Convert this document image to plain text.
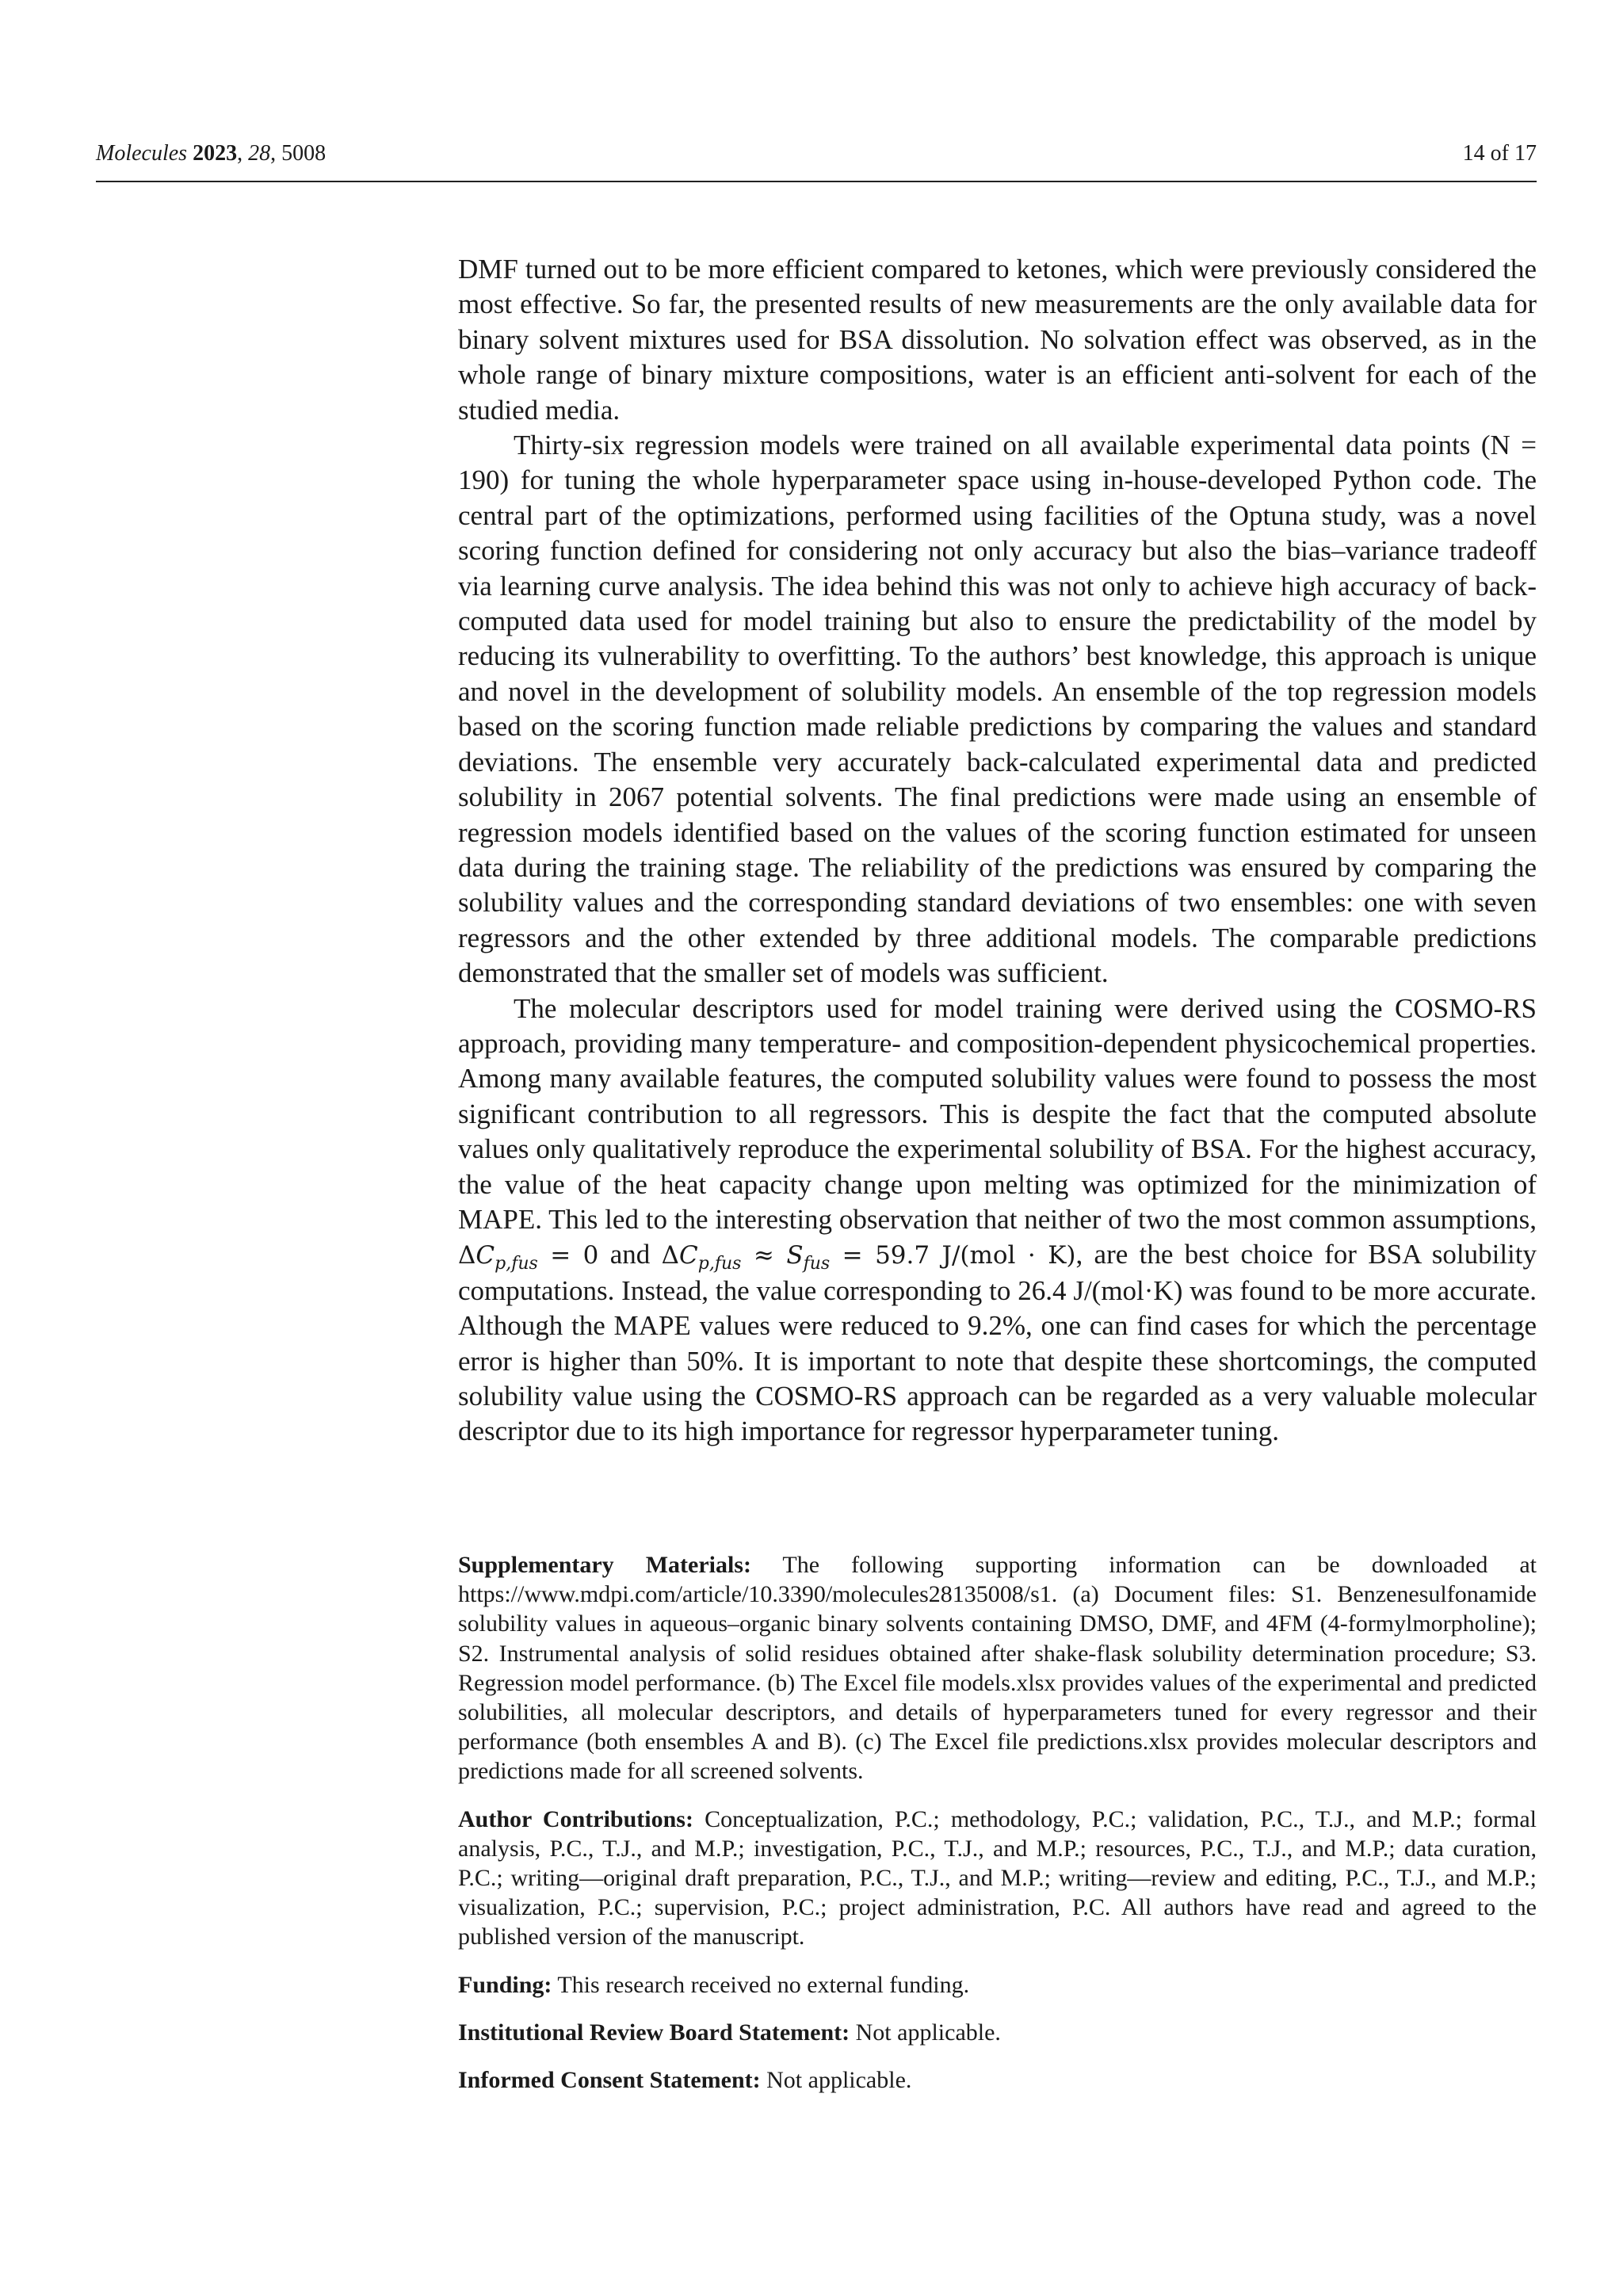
Molecules 2023, 28, 5008	14 of 17

DMF turned out to be more efficient compared to ketones, which were previously considered the most effective. So far, the presented results of new measurements are the only available data for binary solvent mixtures used for BSA dissolution. No solvation effect was observed, as in the whole range of binary mixture compositions, water is an efficient anti-solvent for each of the studied media.

Thirty-six regression models were trained on all available experimental data points (N = 190) for tuning the whole hyperparameter space using in-house-developed Python code. The central part of the optimizations, performed using facilities of the Optuna study, was a novel scoring function defined for considering not only accuracy but also the bias–variance tradeoff via learning curve analysis. The idea behind this was not only to achieve high accuracy of back-computed data used for model training but also to ensure the predictability of the model by reducing its vulnerability to overfitting. To the authors’ best knowledge, this approach is unique and novel in the development of solubility models. An ensemble of the top regression models based on the scoring function made reliable predictions by comparing the values and standard deviations. The ensemble very accurately back-calculated experimental data and predicted solubility in 2067 potential solvents. The final predictions were made using an ensemble of regression models identified based on the values of the scoring function estimated for unseen data during the training stage. The reliability of the predictions was ensured by comparing the solubility values and the corresponding standard deviations of two ensembles: one with seven regressors and the other extended by three additional models. The comparable predictions demonstrated that the smaller set of models was sufficient.

The molecular descriptors used for model training were derived using the COSMO-RS approach, providing many temperature- and composition-dependent physicochemical properties. Among many available features, the computed solubility values were found to possess the most significant contribution to all regressors. This is despite the fact that the computed absolute values only qualitatively reproduce the experimental solubility of BSA. For the highest accuracy, the value of the heat capacity change upon melting was optimized for the minimization of MAPE. This led to the interesting observation that neither of two the most common assumptions, $\Delta C_{p,fus} = 0$ and $\Delta C_{p,fus} \approx S_{fus} = 59.7$ J/(mol · K), are the best choice for BSA solubility computations. Instead, the value corresponding to 26.4 J/(mol·K) was found to be more accurate. Although the MAPE values were reduced to 9.2%, one can find cases for which the percentage error is higher than 50%. It is important to note that despite these shortcomings, the computed solubility value using the COSMO-RS approach can be regarded as a very valuable molecular descriptor due to its high importance for regressor hyperparameter tuning.

Supplementary Materials: The following supporting information can be downloaded at https://www.mdpi.com/article/10.3390/molecules28135008/s1. (a) Document files: S1. Benzenesulfonamide solubility values in aqueous–organic binary solvents containing DMSO, DMF, and 4FM (4-formylmorpholine); S2. Instrumental analysis of solid residues obtained after shake-flask solubility determination procedure; S3. Regression model performance. (b) The Excel file models.xlsx provides values of the experimental and predicted solubilities, all molecular descriptors, and details of hyperparameters tuned for every regressor and their performance (both ensembles A and B). (c) The Excel file predictions.xlsx provides molecular descriptors and predictions made for all screened solvents.

Author Contributions: Conceptualization, P.C.; methodology, P.C.; validation, P.C., T.J., and M.P.; formal analysis, P.C., T.J., and M.P.; investigation, P.C., T.J., and M.P.; resources, P.C., T.J., and M.P.; data curation, P.C.; writing—original draft preparation, P.C., T.J., and M.P.; writing—review and editing, P.C., T.J., and M.P.; visualization, P.C.; supervision, P.C.; project administration, P.C. All authors have read and agreed to the published version of the manuscript.

Funding: This research received no external funding.

Institutional Review Board Statement: Not applicable.

Informed Consent Statement: Not applicable.
